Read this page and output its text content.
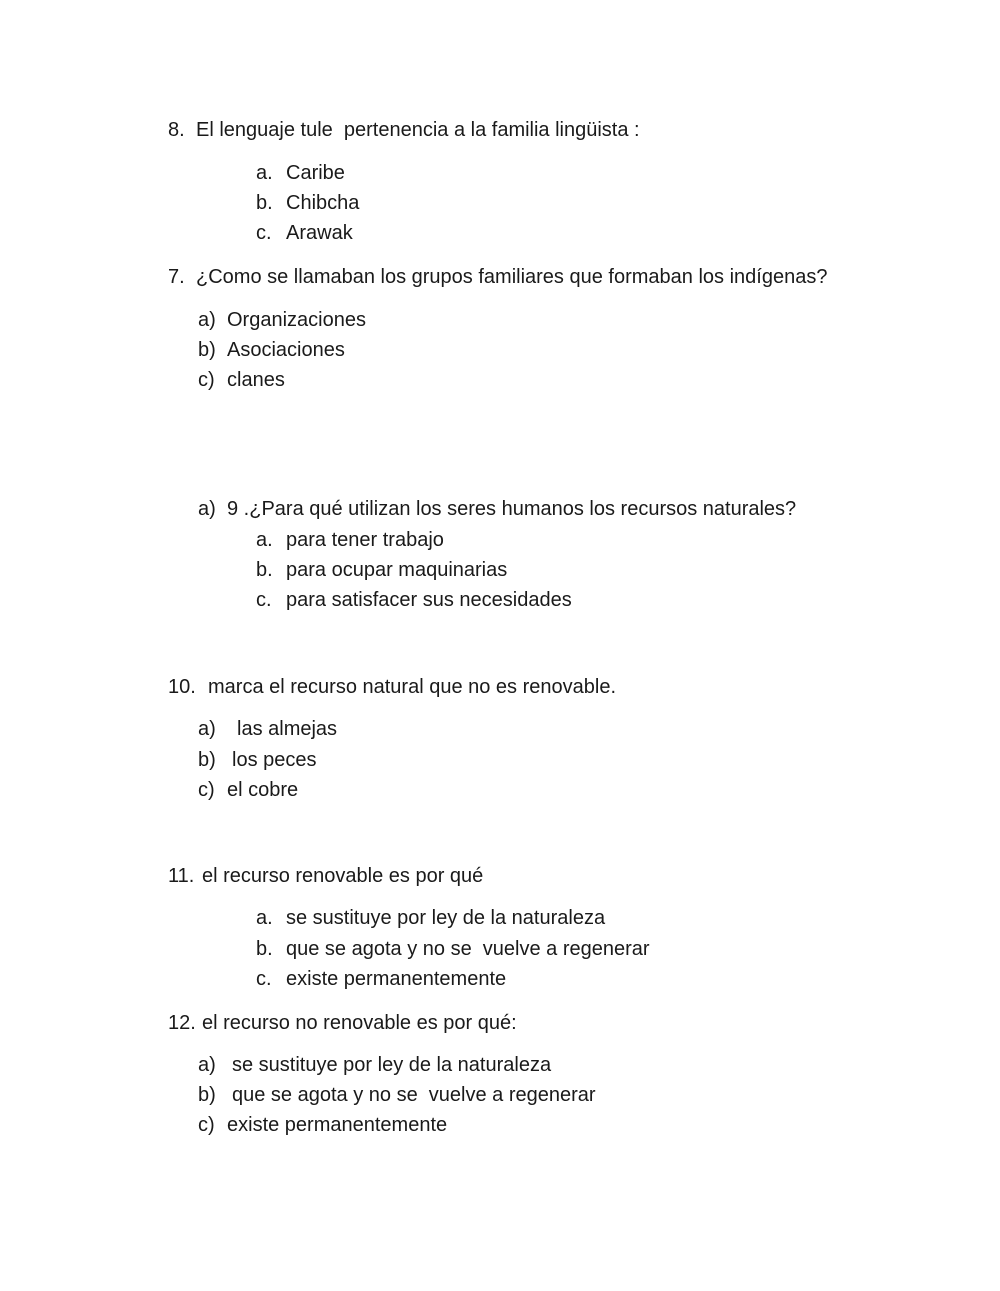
8. El lenguaje tule  pertenencia a la familia lingüista :
a. Caribe
b. Chibcha
c. Arawak
7. ¿Como se llamaban los grupos familiares que formaban los indígenas?
a) Organizaciones
b) Asociaciones
c) clanes
a) 9 .¿Para qué utilizan los seres humanos los recursos naturales?
a. para tener trabajo
b. para ocupar maquinarias
c. para satisfacer sus necesidades
10. marca el recurso natural que no es renovable.
a) las almejas
b) los peces
c) el cobre
11. el recurso renovable es por qué
a. se sustituye por ley de la naturaleza
b. que se agota y no se  vuelve a regenerar
c. existe permanentemente
12. el recurso no renovable es por qué:
a) se sustituye por ley de la naturaleza
b) que se agota y no se  vuelve a regenerar
c) existe permanentemente
